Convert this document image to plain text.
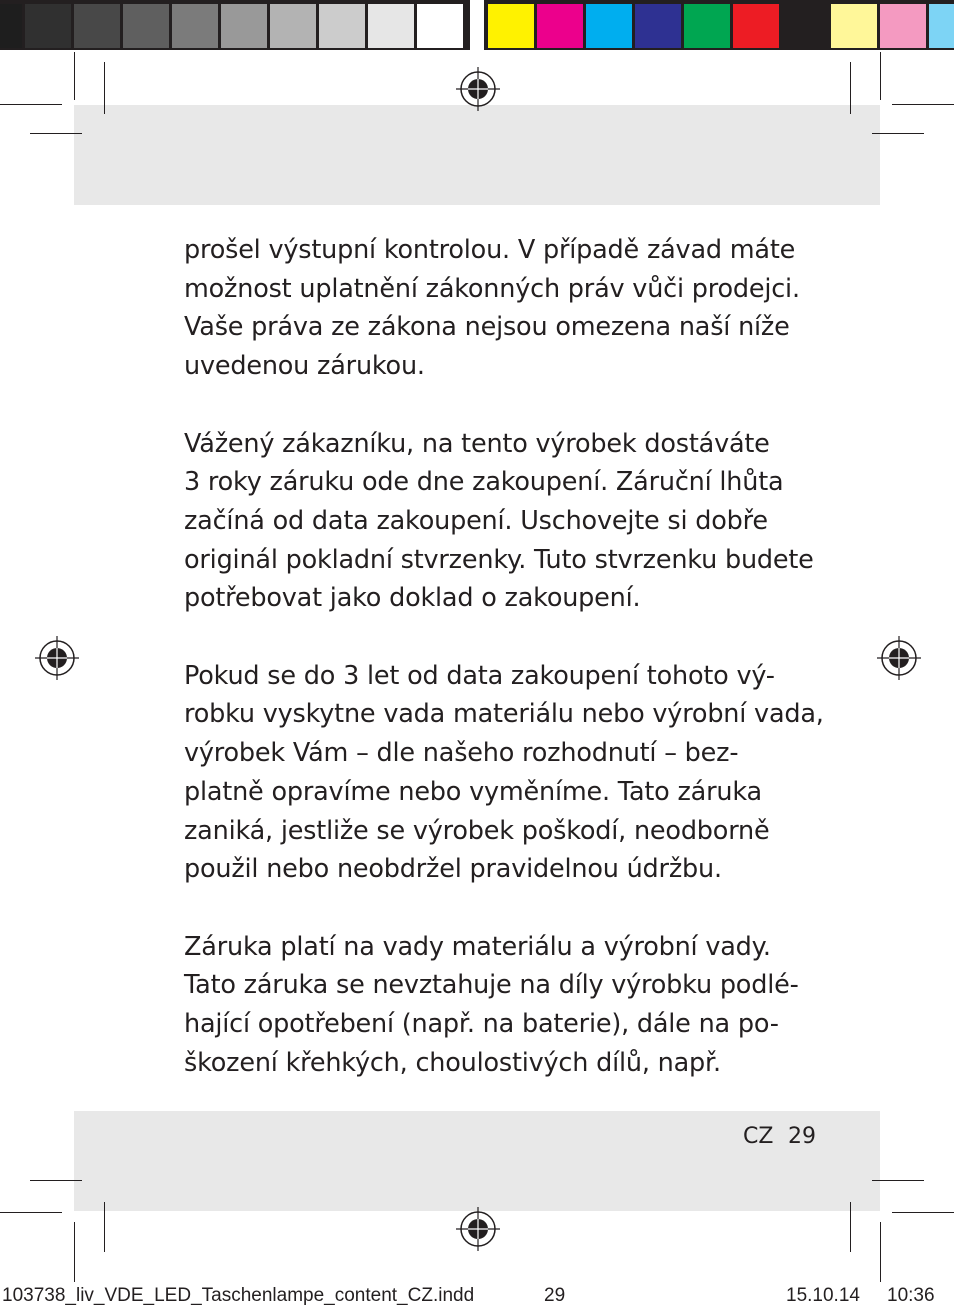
prošel výstupní kontrolou. V případě závad máte
možnost uplatnění zákonných práv vůči prodejci.
Vaše práva ze zákona nejsou omezena naší níže
uvedenou zárukou.

Vážený zákazníku, na tento výrobek dostáváte
3 roky záruku ode dne zakoupení. Záruční lhůta
začíná od data zakoupení. Uschovejte si dobře
originál pokladní stvrzenky. Tuto stvrzenku budete
potřebovat jako doklad o zakoupení.

Pokud se do 3 let od data zakoupení tohoto vý-
robku vyskytne vada materiálu nebo výrobní vada,
výrobek Vám – dle našeho rozhodnutí – bez-
platně opravíme nebo vyměníme. Tato záruka
zaniká, jestliže se výrobek poškodí, neodborně
použil nebo neobdržel pravidelnou údržbu.

Záruka platí na vady materiálu a výrobní vady.
Tato záruka se nevztahuje na díly výrobku podlé-
hající opotřebení (např. na baterie), dále na po-
škození křehkých, choulostivých dílů, např.

CZ 29
103738_liv_VDE_LED_Taschenlampe_content_CZ.indd	29	15.10.14 10:36
